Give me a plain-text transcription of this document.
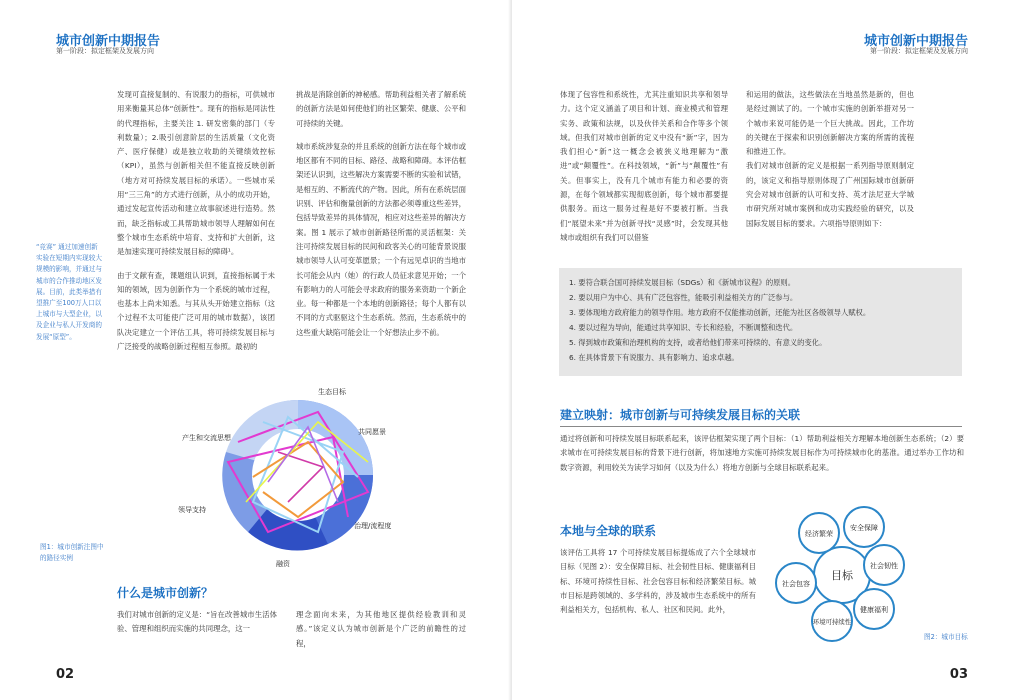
城市创新中期报告
第一阶段：拟定框架及发展方向

发现可直接复制的、有说服力的指标，可供城市用来衡量其总体“创新性”。现有的指标是同法性的代理指标，主要关注 1. 研发密集的部门（专利数量）；2.吸引创意阶层的生活质量（文化资产、医疗保健）或是独立收助的关键绩效控标（KPI），虽然与创新相关但不能直接反映创新（地方对可持续发展目标的承诺）。一些城市采用“三三角”的方式进行创新，从小的成功开始，通过发起宣传活动和建立故事叙述进行造势。然而，缺乏指标或工具帮助城市领导人理解如何在整个城市生态系统中培育、支持和扩大创新，这是加速实现可持续发展目标的障碍¹。

由于文献有查，课题组认识到，直接指标属于未知的领域，因为创新作为一个系统的城市过程，也基本上尚未知悉。与其从头开始建立指标（这个过程不太可能使广泛可用的城市数据），该团队决定建立一个评估工具，将可持续发展目标与广泛接受的战略创新过程相互参照。最初的

挑战是消除创新的神秘感。帮助利益相关者了解系统的创新方法是如何使他们的社区繁荣、健康、公平和可持续的关键。

城市系统涉复杂的并且系统的创新方法在每个城市或地区都有不同的目标、路径、战略和障碍。本评估框架还认识到，这些解决方案需要不断的实验和试错，是相互的、不断流代的产物。因此，所有在系统层面识别、评估和衡量创新的方法都必须尊重这些差异，包括导致差异的具体情况，相应对这些差异的解决方案。图 1 展示了城市创新路径所需的灵活框架：关注可持续发展目标的民间和政客关心的可能背景说服城市领导人认可变革愿景；一个有远见卓识的当地市长可能会从内（她）的行政人员征求意见开始；一个有影响力的人可能会寻求政府的服务来资助一个新企业。每一种都是一个本地的创新路径；每个人都有以不同的方式驱驱这个生态系统。然而，生态系统中的这些重大缺陷可能会让一个好想法止步不前。

“竞赛” 通过加速创新实验在短期内实现较大规模的影响，并通过与城市的合作推动地区发展。目前，此类举措有望推广至100万人口以上城市与大型企业，以及企业与私人开发商的发展“原型”。
图1：城市创新注图中的路径实例
生态目标
共同愿景
治理/流程度
融资
领导支持
产生和交流思想
什么是城市创新？
我们对城市创新的定义是：“旨在改善城市生活体验、管理和组织而实施的共同理念，这一
理念面向未来，为其他地区提供经验教训和灵感。”该定义认为城市创新是个广泛的前瞻性的过程，
02
城市创新中期报告
第一阶段：拟定框架及发展方向
体现了包容性和系统性，尤其注重知识共享和领导力。这个定义涵盖了项目和计划、商业模式和管理实务、政策和法规，以及伙伴关系和合作等多个领域。但我们对城市创新的定义中没有“新”字，因为我们担心“新”这一概念会被狭义地理解为“激进”或“颠覆性”。在科技领域，“新”与“颠覆性”有关。但事实上，没有几个城市有能力和必要的资源，在每个领域都实现彻底创新，每个城市都要提供服务。而这一服务过程是好不要被打断。当我们“展望未来”并为创新寻找“灵感”时，会发现其他城市或组织有我们可以借鉴
和运用的做法，这些做法在当地虽然是新的，但也是经过测试了的。一个城市实施的创新举措对另一个城市来说可能仍是一个巨大挑战。因此，工作坊的关键在于探索和识别创新解决方案的所需的流程和推进工作。
我们对城市创新的定义是根据一系列指导原则制定的，该定义和指导原则体现了广州国际城市创新研究会对城市创新的认可和支持、英才法尼亚大学城市研究所对城市案例和成功实践经验的研究，以及国际发展目标的要求。六项指导原则如下：
1. 要符合联合国可持续发展目标（SDGs）和《新城市议程》的原则。
2. 要以用户为中心、具有广泛包容性，能吸引利益相关方的广泛参与。
3. 要体现地方政府能力的领导作用。地方政府不仅能推动创新，还能为社区各级领导人赋权。
4. 要以过程为导向，能通过共享知识、专长和经验，不断调整和迭代。
5. 得到城市政策和治理机构的支持，或者给他们带来可持续的、有意义的变化。
6. 在具体背景下有说服力、具有影响力、追求卓越。
建立映射：城市创新与可持续发展目标的关联
通过将创新和可持续发展目标联系起来，该评估框架实现了两个目标：（1）帮助利益相关方理解本地创新生态系统；（2）要求城市在可持续发展目标的背景下进行创新，将加速地方实施可持续发展目标作为可持续城市化的基准。通过举办工作坊和数字资源，利用较关为读学习如何（以及为什么）将地方创新与全球目标联系起来。
本地与全球的联系
该评估工具将 17 个可持续发展目标提炼成了六个全球城市目标（见图 2）：安全保障目标、社会韧性目标、健康福利目标、环境可持续性目标、社会包容目标和经济繁荣目标。城市目标是跨领域的、多学科的，涉及城市生态系统中的所有利益相关方，包括机构、私人、社区和民间。此外，
目标
经济繁荣
安全保障
社会韧性
健康福利
环境可持续性
社会包容
图2：城市目标
03
